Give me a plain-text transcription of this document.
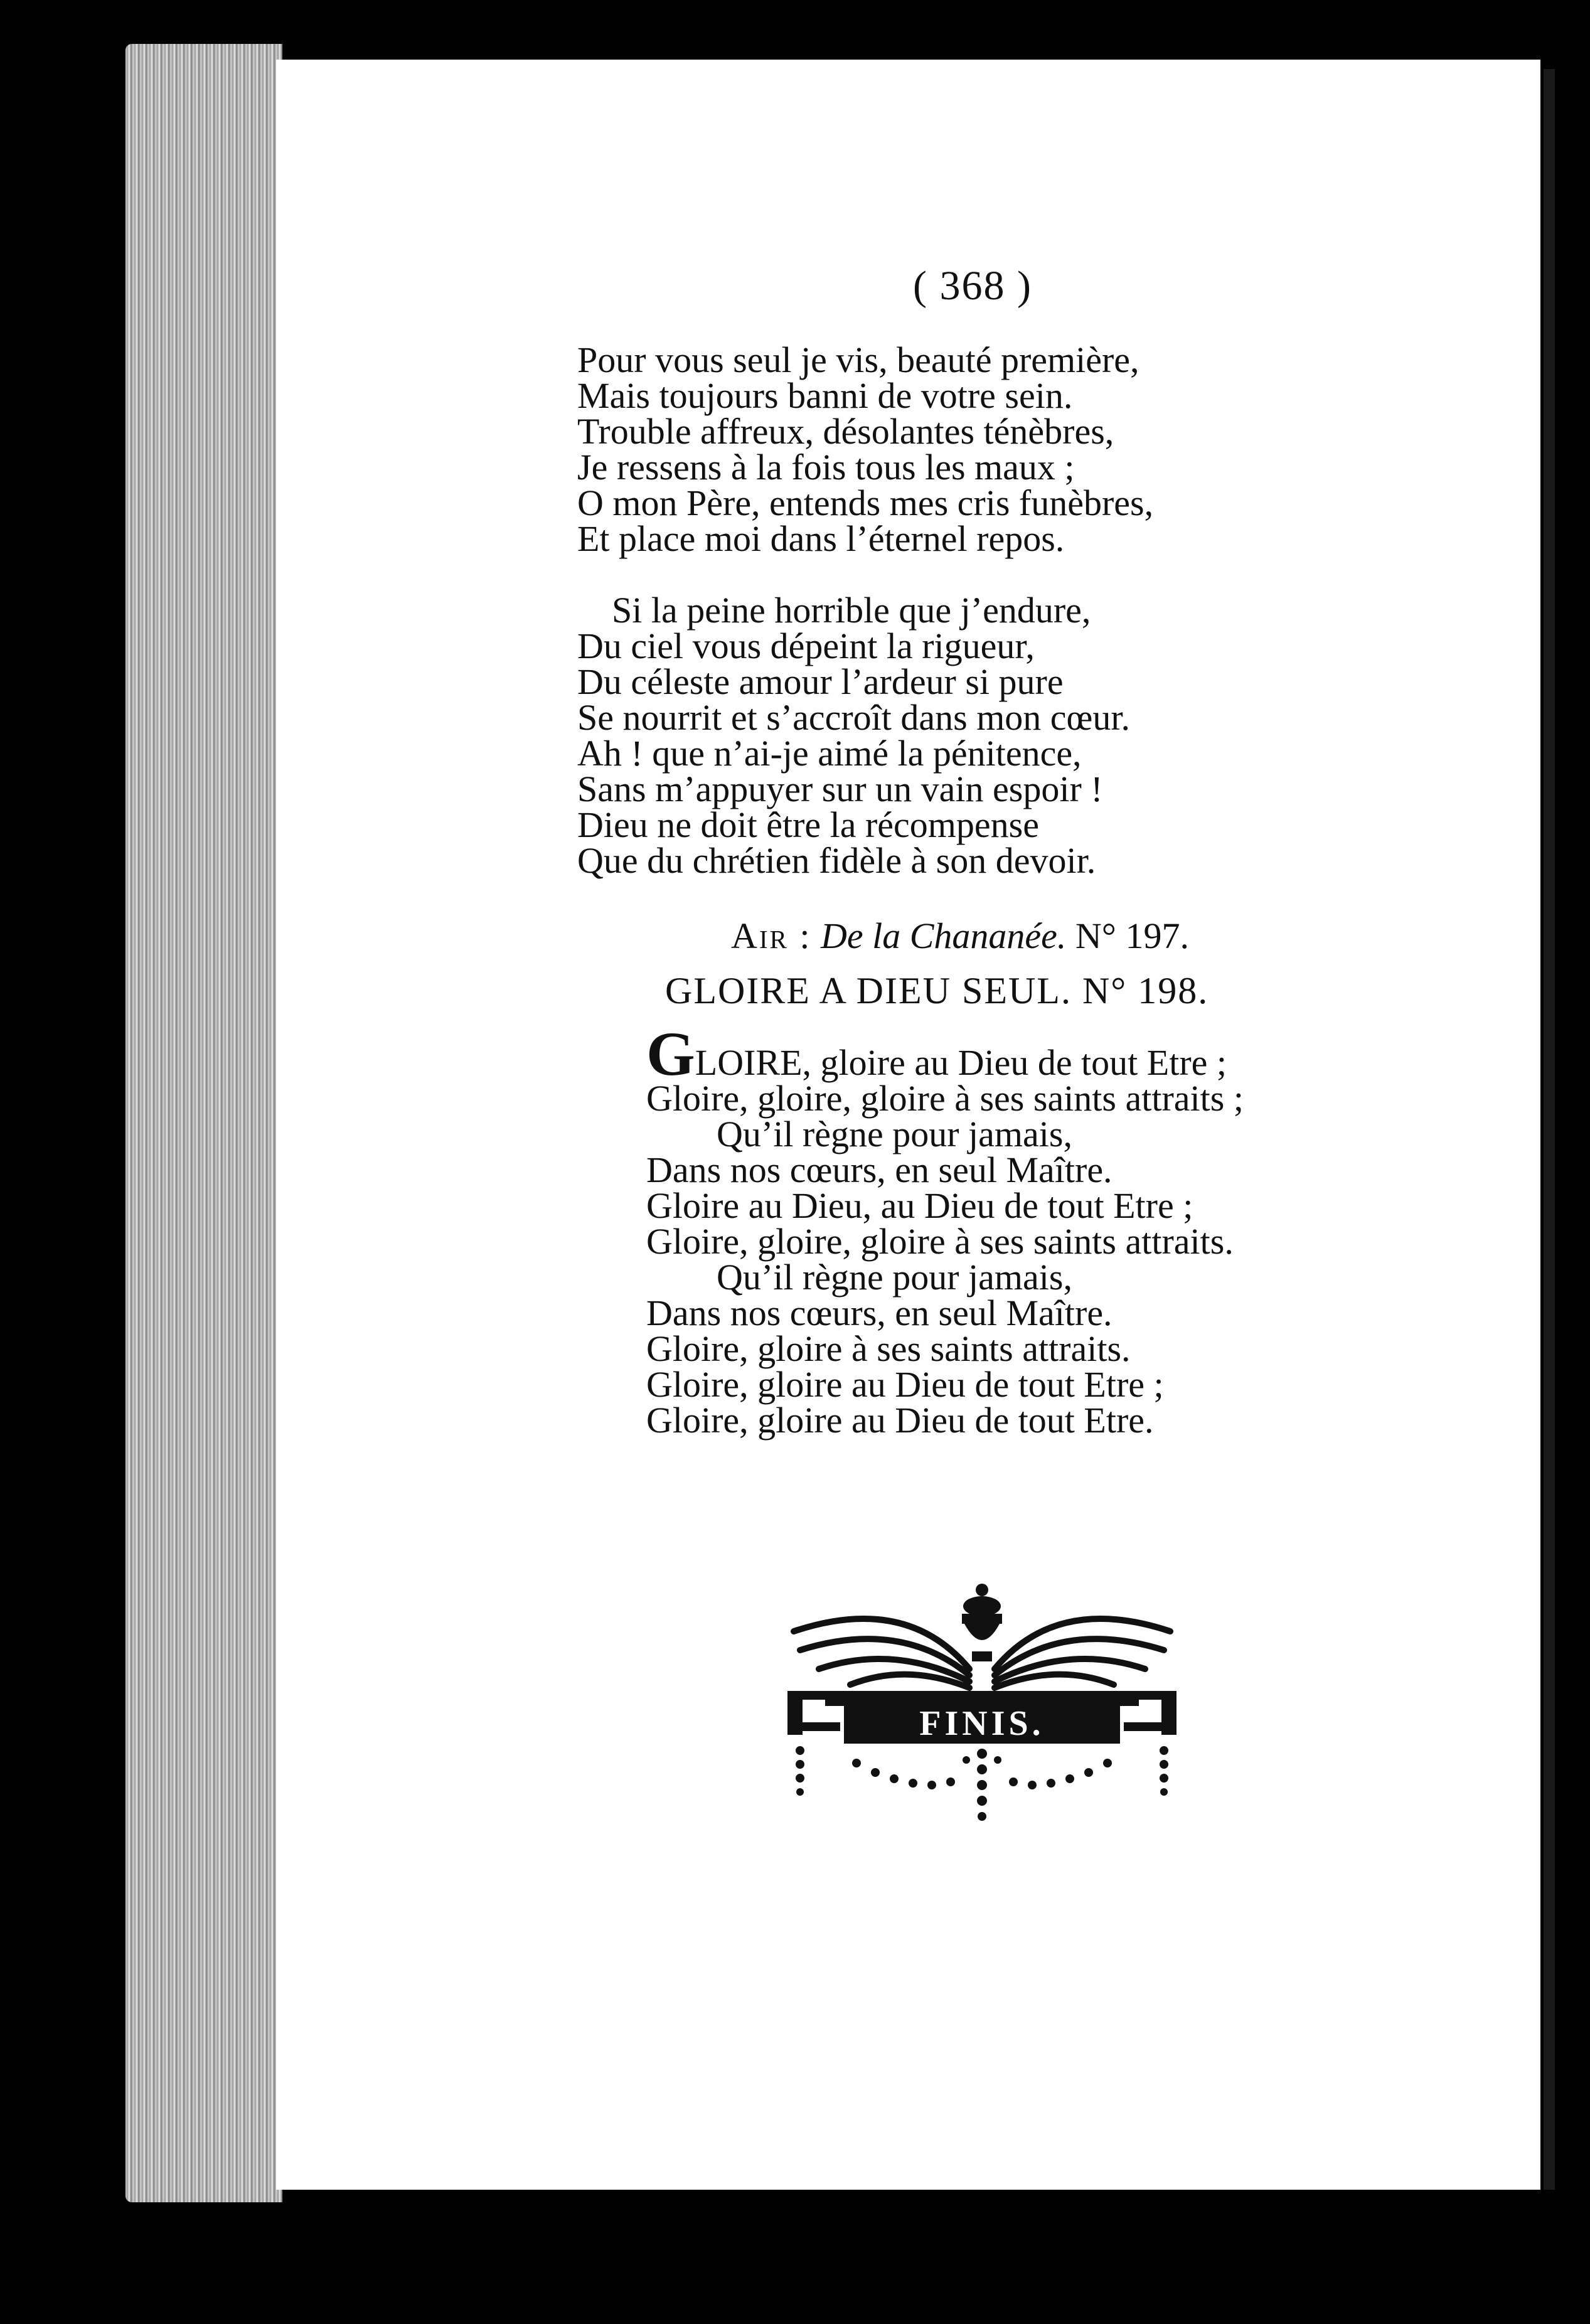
( 368 )
Pour vous seul je vis, beauté première,
Mais toujours banni de votre sein.
Trouble affreux, désolantes ténèbres,
Je ressens à la fois tous les maux ;
O mon Père, entends mes cris funèbres,
Et place moi dans l’éternel repos.
Si la peine horrible que j’endure,
Du ciel vous dépeint la rigueur,
Du céleste amour l’ardeur si pure
Se nourrit et s’accroît dans mon cœur.
Ah ! que n’ai-je aimé la pénitence,
Sans m’appuyer sur un vain espoir !
Dieu ne doit être la récompense
Que du chrétien fidèle à son devoir.
Air : De la Chananée. N° 197.
GLOIRE A DIEU SEUL. N° 198.
GLOIRE, gloire au Dieu de tout Etre ;
Gloire, gloire, gloire à ses saints attraits ;
Qu’il règne pour jamais,
Dans nos cœurs, en seul Maître.
Gloire au Dieu, au Dieu de tout Etre ;
Gloire, gloire, gloire à ses saints attraits.
Qu’il règne pour jamais,
Dans nos cœurs, en seul Maître.
Gloire, gloire à ses saints attraits.
Gloire, gloire au Dieu de tout Etre ;
Gloire, gloire au Dieu de tout Etre.
FINIS.
